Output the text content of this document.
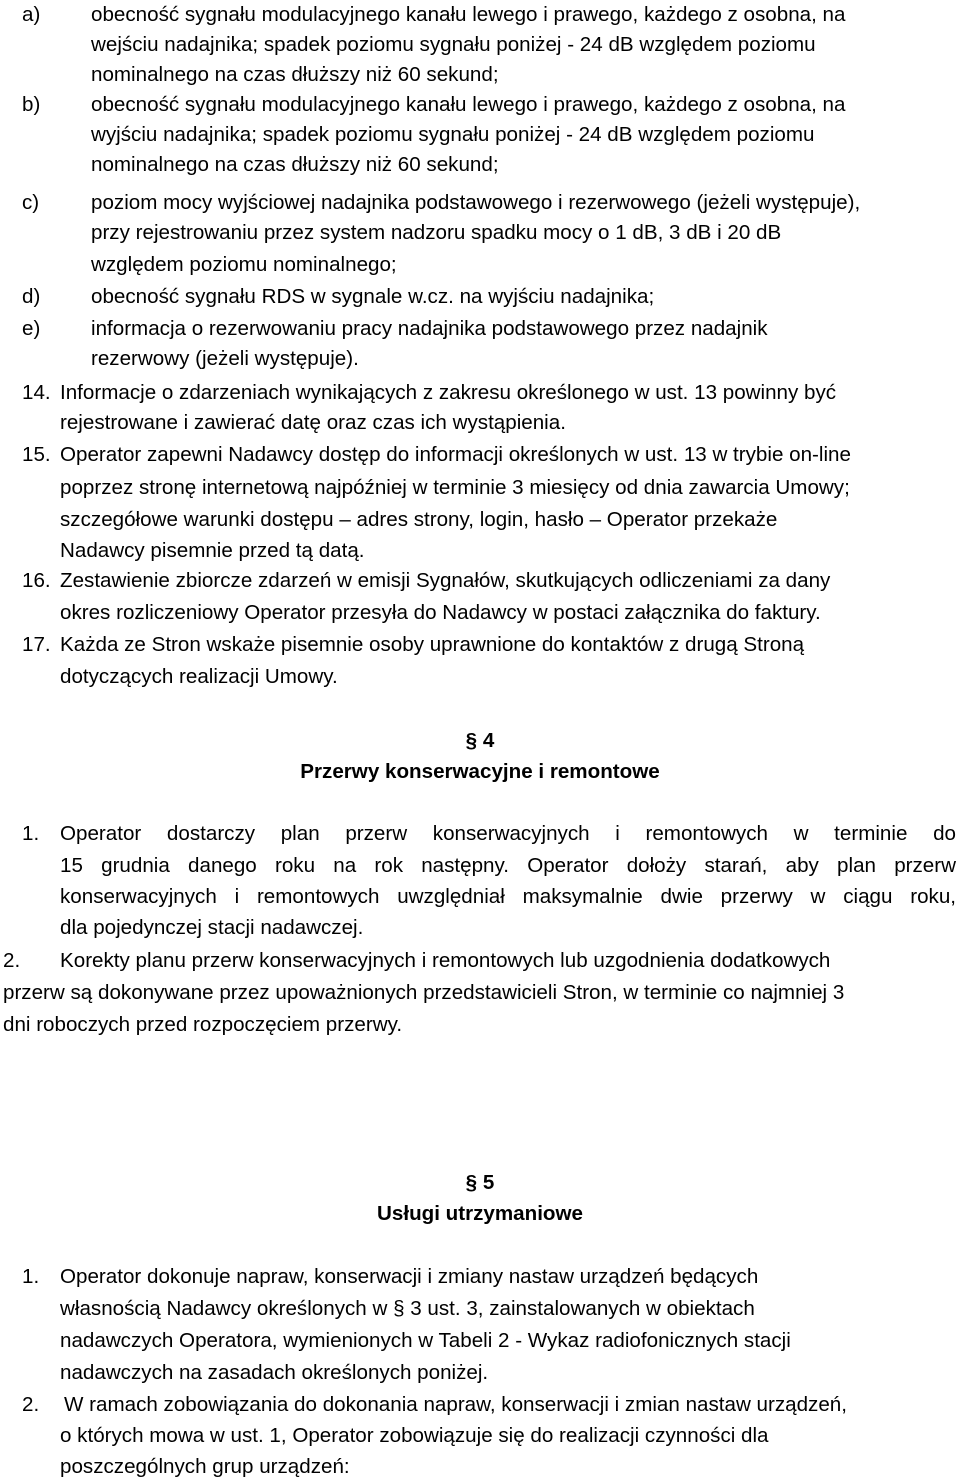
a) obecność sygnału modulacyjnego kanału lewego i prawego, każdego z osobna, na
wejściu nadajnika; spadek poziomu sygnału poniżej - 24 dB względem poziomu
nominalnego na czas dłuższy niż 60 sekund;
b) obecność sygnału modulacyjnego kanału lewego i prawego, każdego z osobna, na
wyjściu nadajnika; spadek poziomu sygnału poniżej - 24 dB względem poziomu
nominalnego na czas dłuższy niż 60 sekund;
c)	poziom mocy wyjściowej nadajnika podstawowego i rezerwowego (jeżeli występuje),
przy rejestrowaniu przez system nadzoru spadku mocy o 1 dB, 3 dB i 20 dB
względem poziomu nominalnego;
d) obecność sygnału RDS w sygnale w.cz. na wyjściu nadajnika;
e) informacja o rezerwowaniu pracy nadajnika podstawowego przez nadajnik
rezerwowy (jeżeli występuje).
14. Informacje o zdarzeniach wynikających z zakresu określonego w ust. 13 powinny być
rejestrowane i zawierać datę oraz czas ich wystąpienia.
15. Operator zapewni Nadawcy dostęp do informacji określonych w ust. 13 w trybie on-line
poprzez stronę internetową najpóźniej w terminie 3 miesięcy od dnia zawarcia Umowy;
szczegółowe warunki dostępu – adres strony, login, hasło – Operator przekaże
Nadawcy pisemnie przed tą datą.
16. Zestawienie zbiorcze zdarzeń w emisji Sygnałów, skutkujących odliczeniami za dany
okres rozliczeniowy Operator przesyła do Nadawcy w postaci załącznika do faktury.
17. Każda ze Stron wskaże pisemnie osoby uprawnione do kontaktów z drugą Stroną
dotyczących realizacji Umowy.
§ 4
Przerwy konserwacyjne i remontowe
1. Operator dostarczy plan przerw konserwacyjnych i remontowych w terminie do
15 grudnia danego roku na rok następny. Operator dołoży starań, aby plan przerw
konserwacyjnych i remontowych uwzględniał maksymalnie dwie przerwy w ciągu roku,
dla pojedynczej stacji nadawczej.
2. Korekty planu przerw konserwacyjnych i remontowych lub uzgodnienia dodatkowych
przerw są dokonywane przez upoważnionych przedstawicieli Stron, w terminie co najmniej 3
dni roboczych przed rozpoczęciem przerwy.
§ 5
Usługi utrzymaniowe
1. Operator dokonuje napraw, konserwacji i zmiany nastaw urządzeń będących
własnością Nadawcy określonych w § 3 ust. 3, zainstalowanych w obiektach
nadawczych Operatora, wymienionych w Tabeli 2 - Wykaz radiofonicznych stacji
nadawczych na zasadach określonych poniżej.
2. W ramach zobowiązania do dokonania napraw, konserwacji i zmian nastaw urządzeń,
o których mowa w ust. 1, Operator zobowiązuje się do realizacji czynności dla
poszczególnych grup urządzeń:
